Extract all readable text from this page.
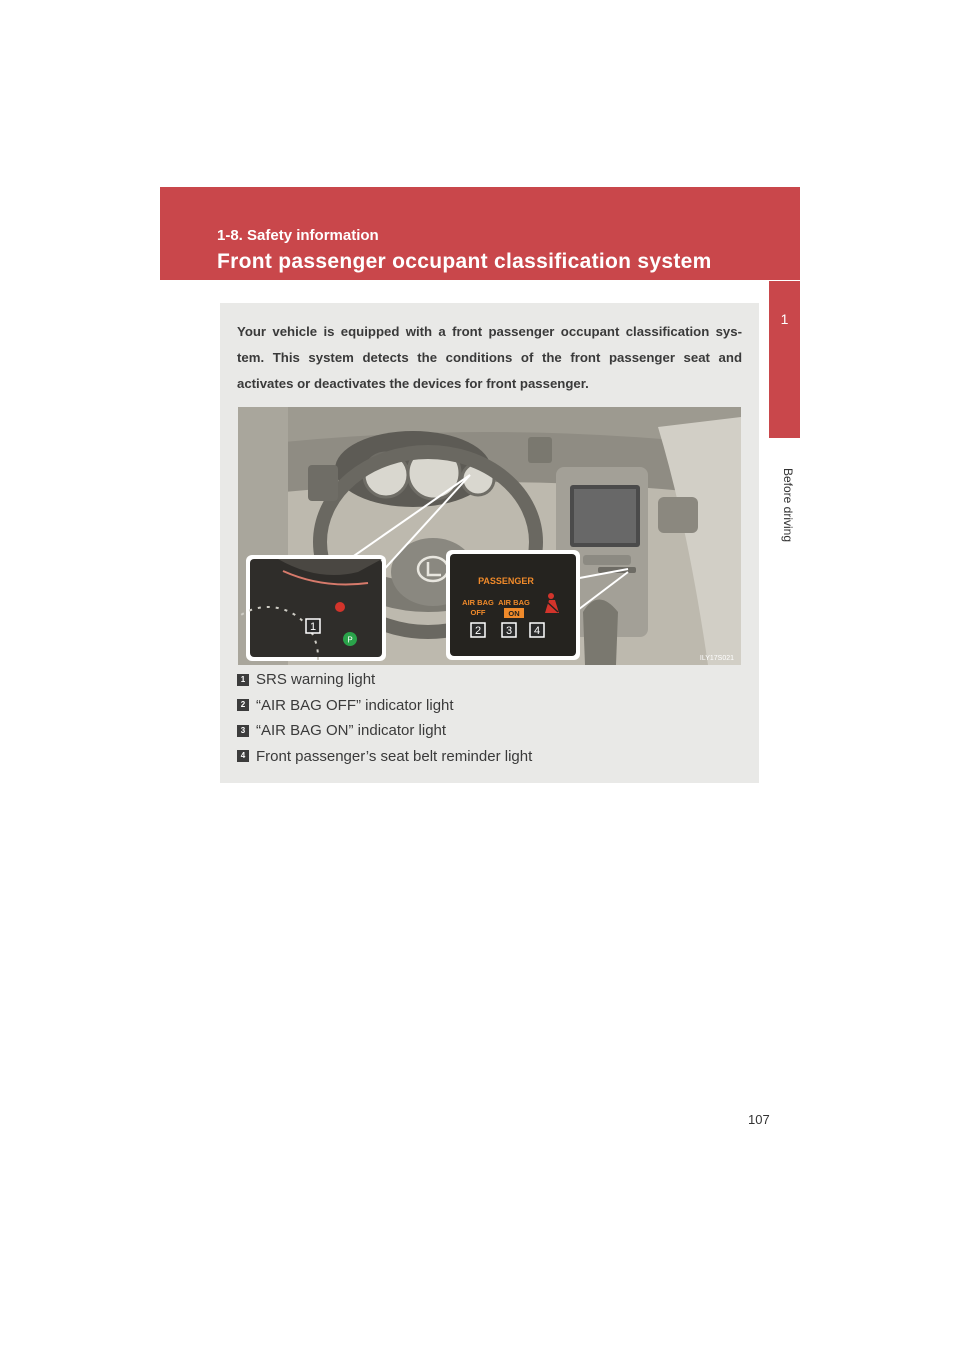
1-8. Safety information
Front passenger occupant classification system
1
Before driving
Your vehicle is equipped with a front passenger occupant classification sys-tem. This system detects the conditions of the front passenger seat and activates or deactivates the devices for front passenger.
1
P
PASSENGER
AIR BAG
OFF
AIR BAG
ON
2 3 4
ILY17S021
1 SRS warning light
2 “AIR BAG OFF” indicator light
3 “AIR BAG ON” indicator light
4 Front passenger’s seat belt reminder light
107
